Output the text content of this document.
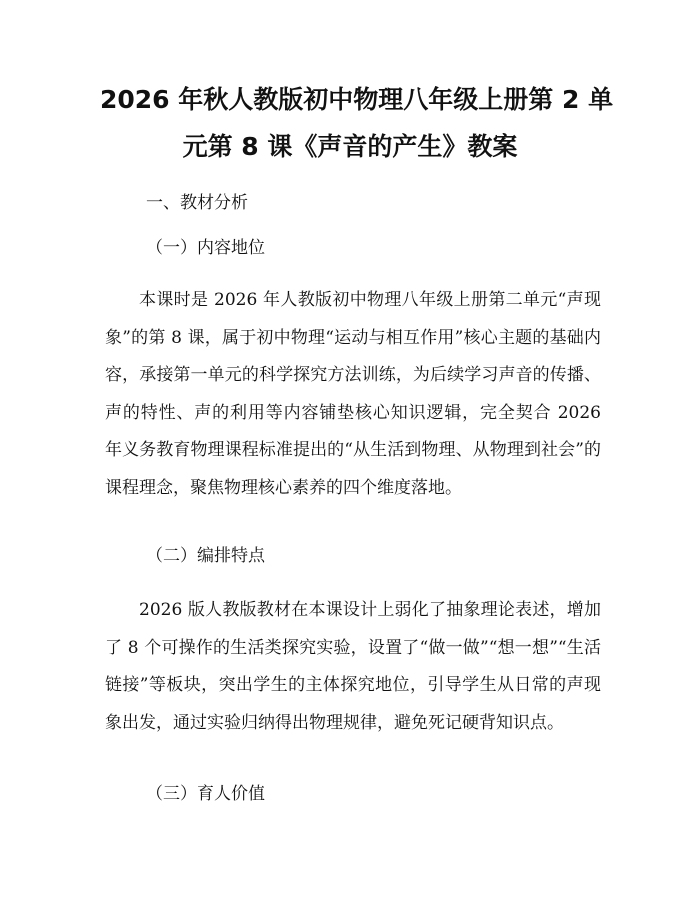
2026 年秋人教版初中物理八年级上册第 2 单
元第 8 课《声音的产生》教案

一、教材分析

（一）内容地位

本课时是 2026 年人教版初中物理八年级上册第二单元“声现象”的第 8 课，属于初中物理“运动与相互作用”核心主题的基础内容，承接第一单元的科学探究方法训练，为后续学习声音的传播、声的特性、声的利用等内容铺垫核心知识逻辑，完全契合 2026 年义务教育物理课程标准提出的“从生活到物理、从物理到社会”的课程理念，聚焦物理核心素养的四个维度落地。

（二）编排特点

2026 版人教版教材在本课设计上弱化了抽象理论表述，增加了 8 个可操作的生活类探究实验，设置了“做一做”“想一想”“生活链接”等板块，突出学生的主体探究地位，引导学生从日常的声现象出发，通过实验归纳得出物理规律，避免死记硬背知识点。

（三）育人价值
